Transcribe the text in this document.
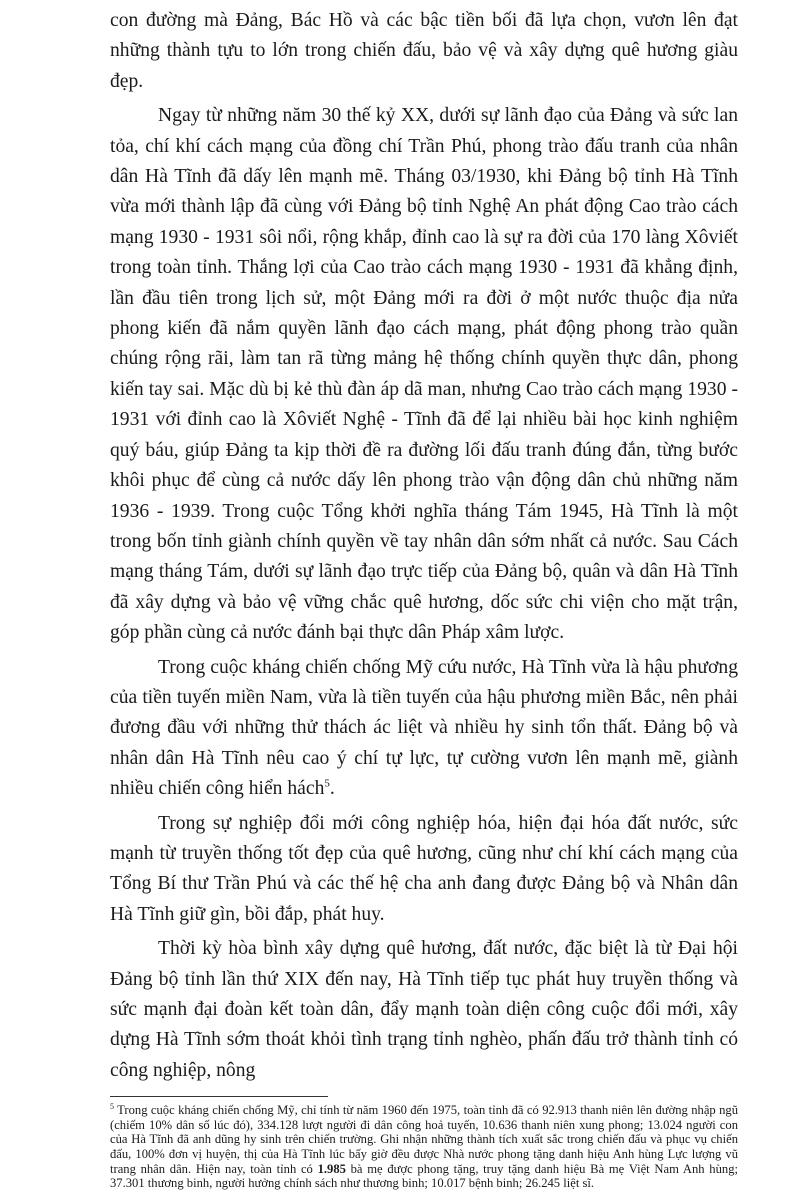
con đường mà Đảng, Bác Hồ và các bậc tiền bối đã lựa chọn, vươn lên đạt những thành tựu to lớn trong chiến đấu, bảo vệ và xây dựng quê hương giàu đẹp.

Ngay từ những năm 30 thế kỷ XX, dưới sự lãnh đạo của Đảng và sức lan tỏa, chí khí cách mạng của đồng chí Trần Phú, phong trào đấu tranh của nhân dân Hà Tĩnh đã dấy lên mạnh mẽ. Tháng 03/1930, khi Đảng bộ tỉnh Hà Tĩnh vừa mới thành lập đã cùng với Đảng bộ tỉnh Nghệ An phát động Cao trào cách mạng 1930 - 1931 sôi nổi, rộng khắp, đỉnh cao là sự ra đời của 170 làng Xôviết trong toàn tỉnh. Thắng lợi của Cao trào cách mạng 1930 - 1931 đã khẳng định, lần đầu tiên trong lịch sử, một Đảng mới ra đời ở một nước thuộc địa nửa phong kiến đã nắm quyền lãnh đạo cách mạng, phát động phong trào quần chúng rộng rãi, làm tan rã từng mảng hệ thống chính quyền thực dân, phong kiến tay sai. Mặc dù bị kẻ thù đàn áp dã man, nhưng Cao trào cách mạng 1930 - 1931 với đỉnh cao là Xôviết Nghệ - Tĩnh đã để lại nhiều bài học kinh nghiệm quý báu, giúp Đảng ta kịp thời đề ra đường lối đấu tranh đúng đắn, từng bước khôi phục để cùng cả nước dấy lên phong trào vận động dân chủ những năm 1936 - 1939. Trong cuộc Tổng khởi nghĩa tháng Tám 1945, Hà Tĩnh là một trong bốn tỉnh giành chính quyền về tay nhân dân sớm nhất cả nước. Sau Cách mạng tháng Tám, dưới sự lãnh đạo trực tiếp của Đảng bộ, quân và dân Hà Tĩnh đã xây dựng và bảo vệ vững chắc quê hương, dốc sức chi viện cho mặt trận, góp phần cùng cả nước đánh bại thực dân Pháp xâm lược.

Trong cuộc kháng chiến chống Mỹ cứu nước, Hà Tĩnh vừa là hậu phương của tiền tuyến miền Nam, vừa là tiền tuyến của hậu phương miền Bắc, nên phải đương đầu với những thử thách ác liệt và nhiều hy sinh tổn thất. Đảng bộ và nhân dân Hà Tĩnh nêu cao ý chí tự lực, tự cường vươn lên mạnh mẽ, giành nhiều chiến công hiển hách$^5$.

Trong sự nghiệp đổi mới công nghiệp hóa, hiện đại hóa đất nước, sức mạnh từ truyền thống tốt đẹp của quê hương, cũng như chí khí cách mạng của Tổng Bí thư Trần Phú và các thế hệ cha anh đang được Đảng bộ và Nhân dân Hà Tĩnh giữ gìn, bồi đắp, phát huy.

Thời kỳ hòa bình xây dựng quê hương, đất nước, đặc biệt là từ Đại hội Đảng bộ tỉnh lần thứ XIX đến nay, Hà Tĩnh tiếp tục phát huy truyền thống và sức mạnh đại đoàn kết toàn dân, đẩy mạnh toàn diện công cuộc đổi mới, xây dựng Hà Tĩnh sớm thoát khỏi tình trạng tỉnh nghèo, phấn đấu trở thành tỉnh có công nghiệp, nông

$^5$ Trong cuộc kháng chiến chống Mỹ, chỉ tính từ năm 1960 đến 1975, toàn tỉnh đã có 92.913 thanh niên lên đường nhập ngũ (chiếm 10% dân số lúc đó), 334.128 lượt người đi dân công hoả tuyến, 10.636 thanh niên xung phong; 13.024 người con của Hà Tĩnh đã anh dũng hy sinh trên chiến trường. Ghi nhận những thành tích xuất sắc trong chiến đấu và phục vụ chiến đấu, 100% đơn vị huyện, thị của Hà Tĩnh lúc bấy giờ đều được Nhà nước phong tặng danh hiệu Anh hùng Lực lượng vũ trang nhân dân. Hiện nay, toàn tỉnh có 1.985 bà mẹ được phong tặng, truy tặng danh hiệu Bà mẹ Việt Nam Anh hùng; 37.301 thương binh, người hưởng chính sách như thương binh; 10.017 bệnh binh; 26.245 liệt sĩ.
